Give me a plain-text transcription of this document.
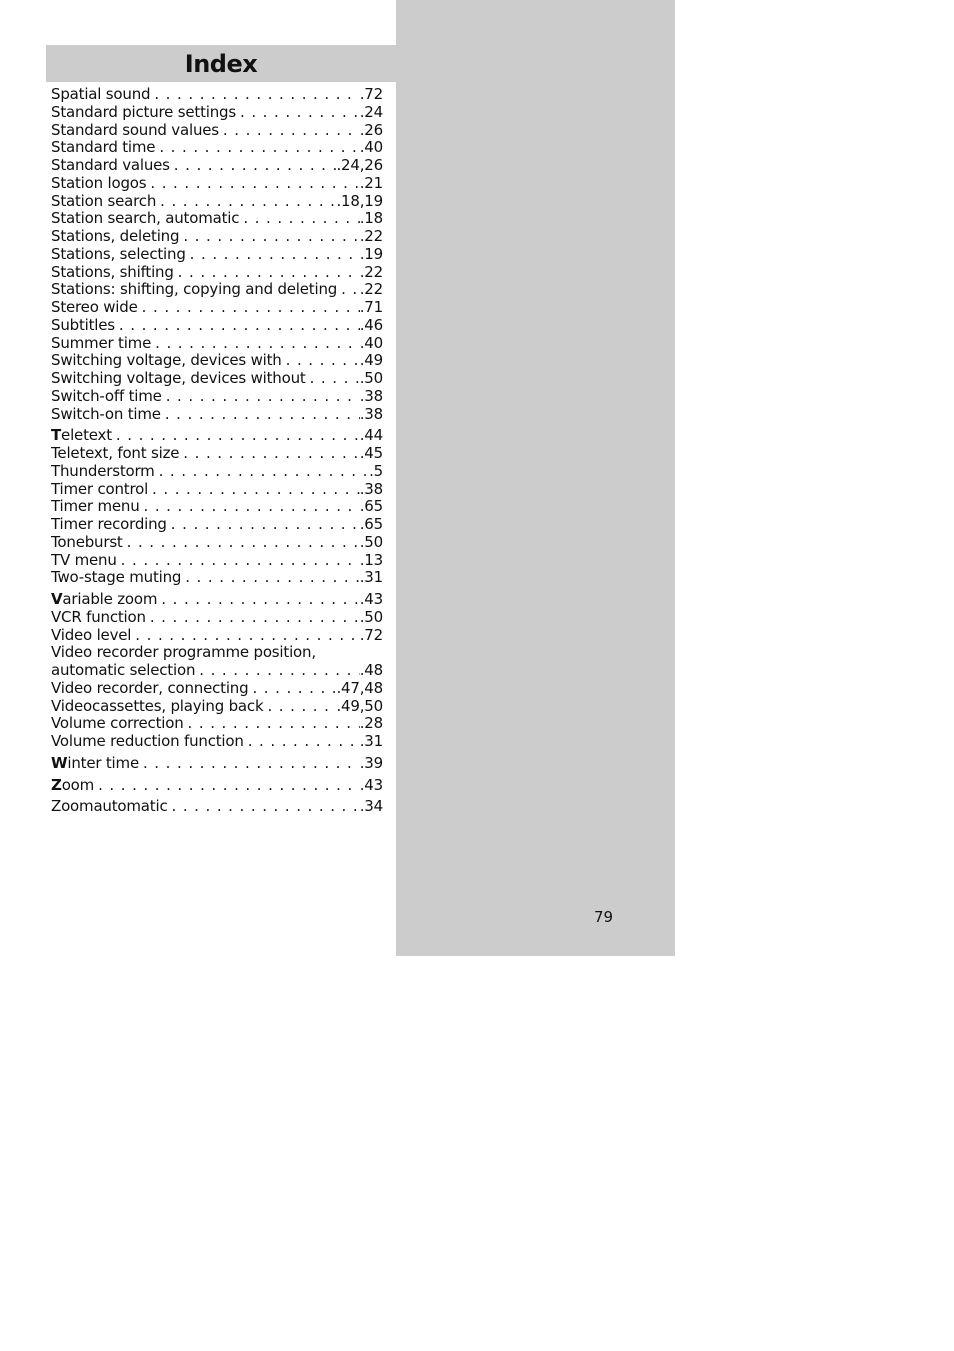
Index
Spatial sound . . .	.72
Standard picture settings . . .	.24
Standard sound values . . .	.26
Standard time . . .	.40
Standard values . . .	.24,26
Station logos . . .	.21
Station search . . .	.18,19
Station search, automatic . . .	.18
Stations, deleting . . .	.22
Stations, selecting . . .	.19
Stations, shifting . . .	.22
Stations: shifting, copying and deleting . . . .22
Stereo wide . . .	.71
Subtitles . . .	.46
Summer time . . .	.40
Switching voltage, devices with . . .	.49
Switching voltage, devices without . . .	.50
Switch-off time . . .	.38
Switch-on time . . .	.38
Teletext . . .	.44
Teletext, font size . . .	.45
Thunderstorm . . .	.5
Timer control . . .	.38
Timer menu . . .	.65
Timer recording . . .	.65
Toneburst . . .	.50
TV menu . . .	.13
Two-stage muting . . .	.31
Variable zoom . . .	.43
VCR function . . .	.50
Video level . . .	.72
Video recorder programme position,
automatic selection . . .	.48
Video recorder, connecting . . .	.47,48
Videocassettes, playing back . . .	.49,50
Volume correction . . .	.28
Volume reduction function . . .	.31
Winter time . . .	.39
Zoom . . .	.43
Zoomautomatic . . .	.34
79
